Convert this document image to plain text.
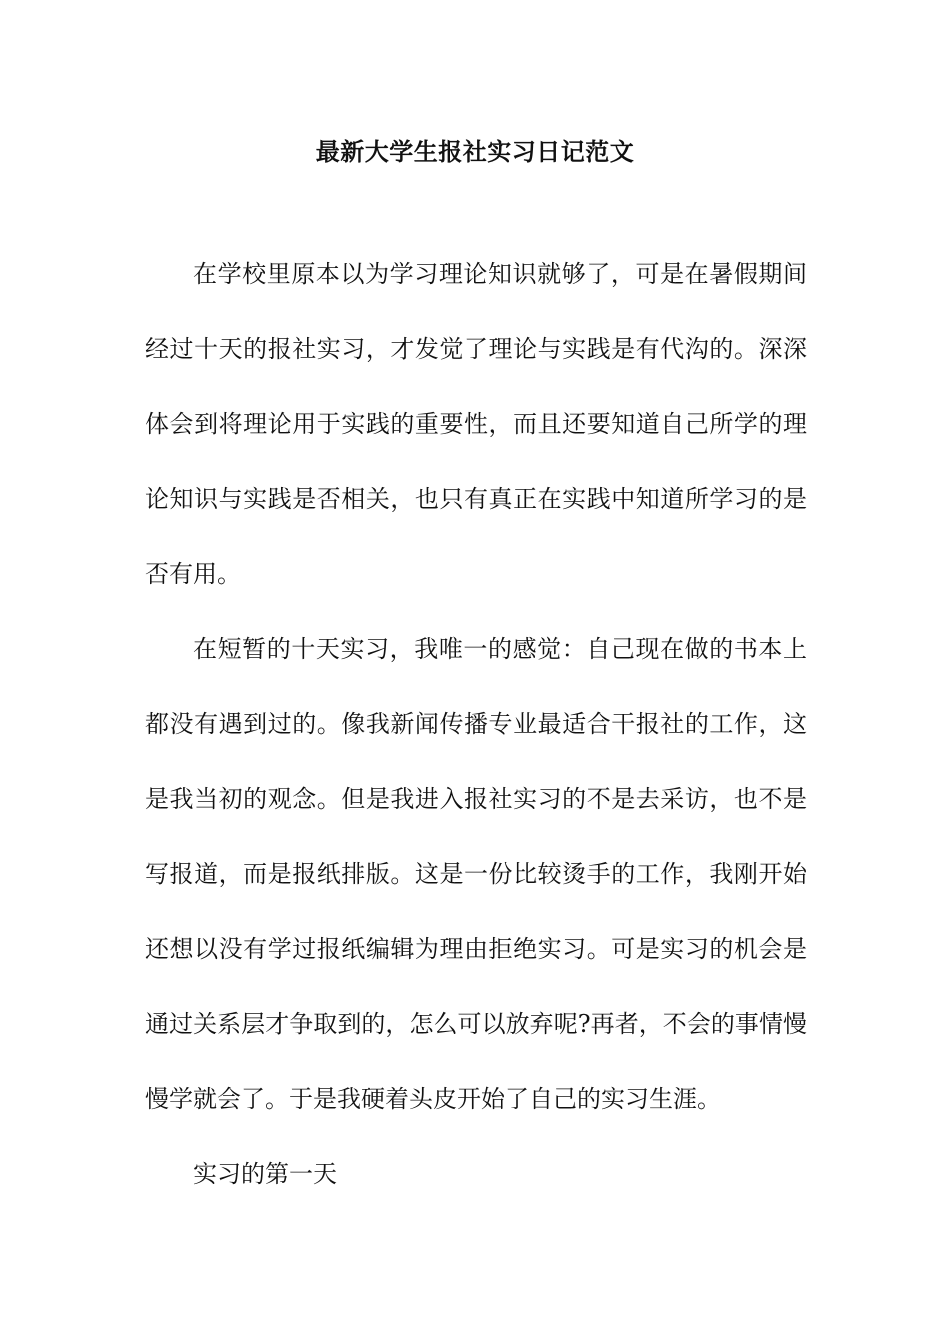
最新大学生报社实习日记范文

在学校里原本以为学习理论知识就够了，可是在暑假期间经过十天的报社实习，才发觉了理论与实践是有代沟的。深深体会到将理论用于实践的重要性，而且还要知道自己所学的理论知识与实践是否相关，也只有真正在实践中知道所学习的是否有用。

在短暂的十天实习，我唯一的感觉：自己现在做的书本上都没有遇到过的。像我新闻传播专业最适合干报社的工作，这是我当初的观念。但是我进入报社实习的不是去采访，也不是写报道，而是报纸排版。这是一份比较烫手的工作，我刚开始还想以没有学过报纸编辑为理由拒绝实习。可是实习的机会是通过关系层才争取到的，怎么可以放弃呢?再者，不会的事情慢慢学就会了。于是我硬着头皮开始了自己的实习生涯。

实习的第一天
